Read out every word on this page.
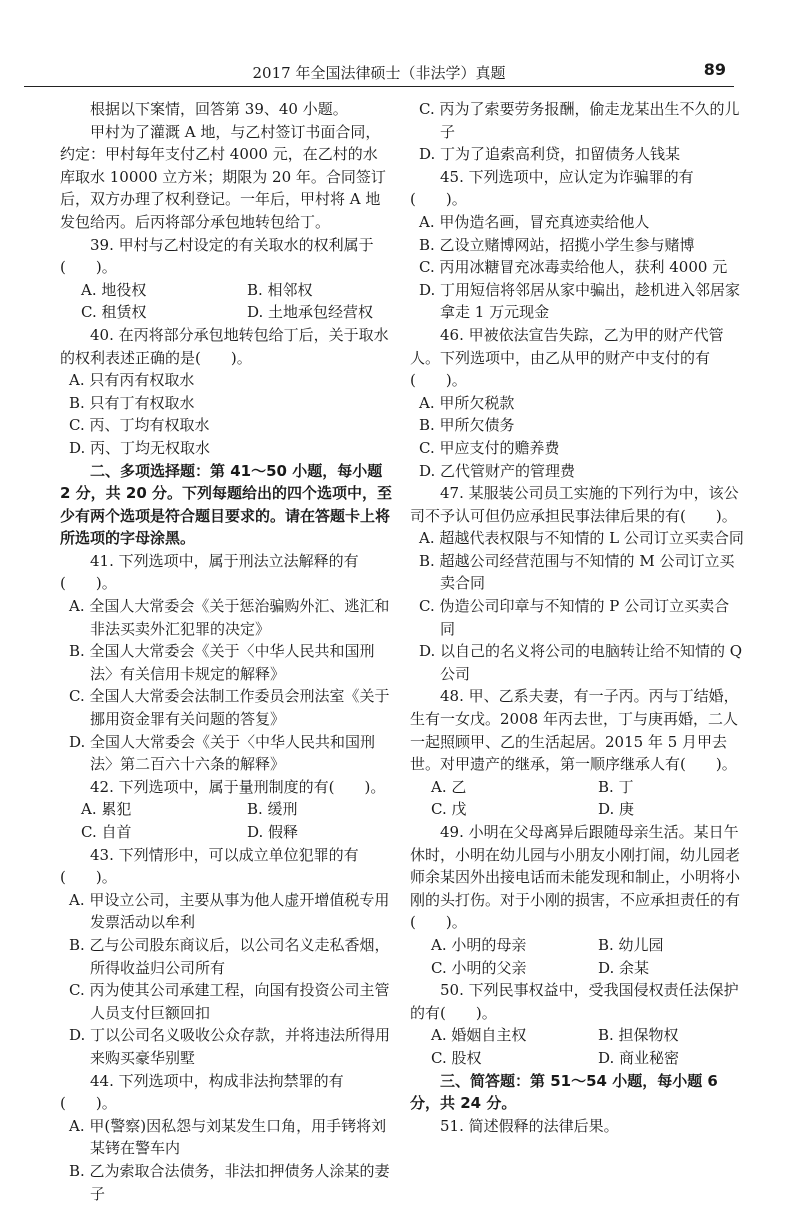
2017 年全国法律硕士（非法学）真题	89

根据以下案情，回答第 39、40 小题。

甲村为了灌溉 A 地，与乙村签订书面合同，约定：甲村每年支付乙村 4000 元，在乙村的水库取水 10000 立方米；期限为 20 年。合同签订后，双方办理了权利登记。一年后，甲村将 A 地发包给丙。后丙将部分承包地转包给丁。

39. 甲村与乙村设定的有关取水的权利属于(　　)。

A. 地役权	B. 相邻权
C. 租赁权	D. 土地承包经营权

40. 在丙将部分承包地转包给丁后，关于取水的权利表述正确的是(　　)。

A. 只有丙有权取水

B. 只有丁有权取水

C. 丙、丁均有权取水

D. 丙、丁均无权取水

二、多项选择题：第 41～50 小题，每小题 2 分，共 20 分。下列每题给出的四个选项中，至少有两个选项是符合题目要求的。请在答题卡上将所选项的字母涂黑。

41. 下列选项中，属于刑法立法解释的有(　　)。

A. 全国人大常委会《关于惩治骗购外汇、逃汇和非法买卖外汇犯罪的决定》

B. 全国人大常委会《关于〈中华人民共和国刑法〉有关信用卡规定的解释》

C. 全国人大常委会法制工作委员会刑法室《关于挪用资金罪有关问题的答复》

D. 全国人大常委会《关于〈中华人民共和国刑法〉第二百六十六条的解释》

42. 下列选项中，属于量刑制度的有(　　)。

A. 累犯	B. 缓刑
C. 自首	D. 假释

43. 下列情形中，可以成立单位犯罪的有(　　)。

A. 甲设立公司，主要从事为他人虚开增值税专用发票活动以牟利

B. 乙与公司股东商议后，以公司名义走私香烟，所得收益归公司所有

C. 丙为使其公司承建工程，向国有投资公司主管人员支付巨额回扣

D. 丁以公司名义吸收公众存款，并将违法所得用来购买豪华别墅

44. 下列选项中，构成非法拘禁罪的有(　　)。

A. 甲(警察)因私怨与刘某发生口角，用手铐将刘某铐在警车内

B. 乙为索取合法债务，非法扣押债务人涂某的妻子

C. 丙为了索要劳务报酬，偷走龙某出生不久的儿子

D. 丁为了追索高利贷，扣留债务人钱某

45. 下列选项中，应认定为诈骗罪的有(　　)。

A. 甲伪造名画，冒充真迹卖给他人

B. 乙设立赌博网站，招揽小学生参与赌博

C. 丙用冰糖冒充冰毒卖给他人，获利 4000 元

D. 丁用短信将邻居从家中骗出，趁机进入邻居家拿走 1 万元现金

46. 甲被依法宣告失踪，乙为甲的财产代管人。下列选项中，由乙从甲的财产中支付的有(　　)。

A. 甲所欠税款

B. 甲所欠债务

C. 甲应支付的赡养费

D. 乙代管财产的管理费

47. 某服装公司员工实施的下列行为中，该公司不予认可但仍应承担民事法律后果的有(　　)。

A. 超越代表权限与不知情的 L 公司订立买卖合同

B. 超越公司经营范围与不知情的 M 公司订立买卖合同

C. 伪造公司印章与不知情的 P 公司订立买卖合同

D. 以自己的名义将公司的电脑转让给不知情的 Q 公司

48. 甲、乙系夫妻，有一子丙。丙与丁结婚，生有一女戊。2008 年丙去世，丁与庚再婚，二人一起照顾甲、乙的生活起居。2015 年 5 月甲去世。对甲遗产的继承，第一顺序继承人有(　　)。

A. 乙	B. 丁
C. 戊	D. 庚

49. 小明在父母离异后跟随母亲生活。某日午休时，小明在幼儿园与小朋友小刚打闹，幼儿园老师余某因外出接电话而未能发现和制止，小明将小刚的头打伤。对于小刚的损害，不应承担责任的有(　　)。

A. 小明的母亲	B. 幼儿园
C. 小明的父亲	D. 余某

50. 下列民事权益中，受我国侵权责任法保护的有(　　)。

A. 婚姻自主权	B. 担保物权
C. 股权	D. 商业秘密

三、简答题：第 51～54 小题，每小题 6 分，共 24 分。

51. 简述假释的法律后果。
